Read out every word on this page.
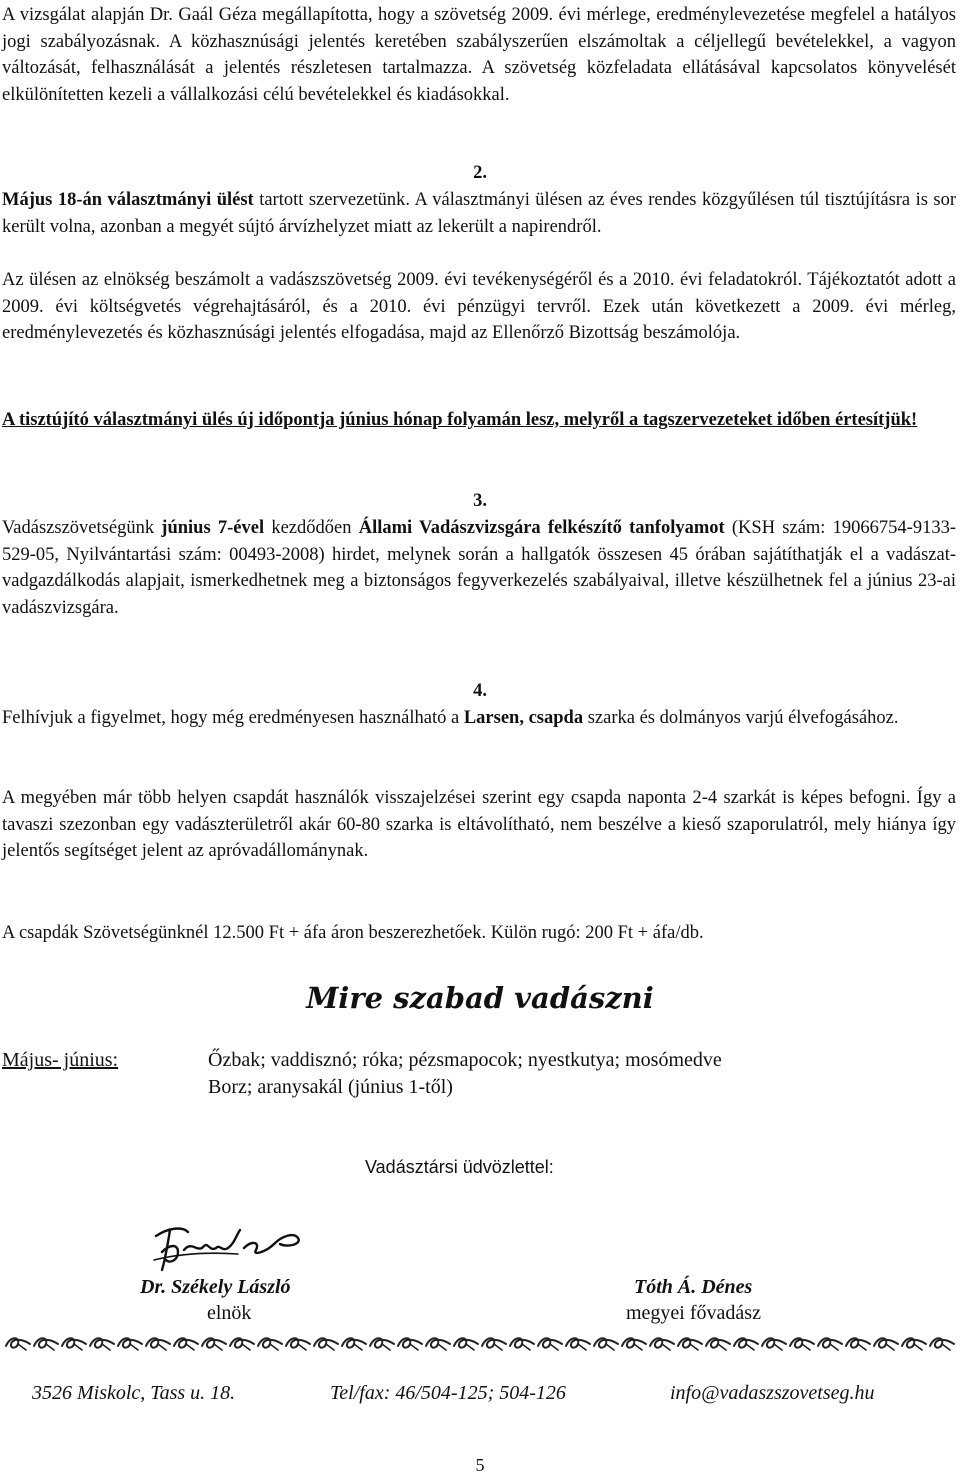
A vizsgálat alapján Dr. Gaál Géza megállapította, hogy a szövetség 2009. évi mérlege, eredménylevezetése megfelel a hatályos jogi szabályozásnak. A közhasznúsági jelentés keretében szabályszerűen elszámoltak a céljellegű bevételekkel, a vagyon változását, felhasználását a jelentés részletesen tartalmazza. A szövetség közfeladata ellátásával kapcsolatos könyvelését elkülönítetten kezeli a vállalkozási célú bevételekkel és kiadásokkal.

2.

Május 18-án választmányi ülést tartott szervezetünk. A választmányi ülésen az éves rendes közgyűlésen túl tisztújításra is sor került volna, azonban a megyét sújtó árvízhelyzet miatt az lekerült a napirendről.

Az ülésen az elnökség beszámolt a vadászszövetség 2009. évi tevékenységéről és a 2010. évi feladatokról. Tájékoztatót adott a 2009. évi költségvetés végrehajtásáról, és a 2010. évi pénzügyi tervről. Ezek után következett a 2009. évi mérleg, eredménylevezetés és közhasznúsági jelentés elfogadása, majd az Ellenőrző Bizottság beszámolója.

A tisztújító választmányi ülés új időpontja június hónap folyamán lesz, melyről a tagszervezeteket időben értesítjük!

3.

Vadászszövetségünk június 7-ével kezdődően Állami Vadászvizsgára felkészítő tanfolyamot (KSH szám: 19066754-9133-529-05, Nyilvántartási szám: 00493-2008) hirdet, melynek során a hallgatók összesen 45 órában sajátíthatják el a vadászat-vadgazdálkodás alapjait, ismerkedhetnek meg a biztonságos fegyverkezelés szabályaival, illetve készülhetnek fel a június 23-ai vadászvizsgára.

4.

Felhívjuk a figyelmet, hogy még eredményesen használható a Larsen, csapda szarka és dolmányos varjú élvefogásához.

A megyében már több helyen csapdát használók visszajelzései szerint egy csapda naponta 2-4 szarkát is képes befogni. Így a tavaszi szezonban egy vadászterületről akár 60-80 szarka is eltávolítható, nem beszélve a kieső szaporulatról, mely hiánya így jelentős segítséget jelent az apróvadállománynak.

A csapdák Szövetségünknél 12.500 Ft + áfa áron beszerezhetőek. Külön rugó: 200 Ft + áfa/db.

Mire szabad vadászni
Május- június:	Őzbak; vaddisznó; róka; pézsmapocok; nyestkutya; mosómedve
Borz; aranysakál (június 1-től)
Vadásztársi üdvözlettel:
Dr. Székely László
elnök
Tóth Á. Dénes
megyei fővadász
3526 Miskolc, Tass u. 18.	Tel/fax: 46/504-125; 504-126	info@vadaszszovetseg.hu
5
